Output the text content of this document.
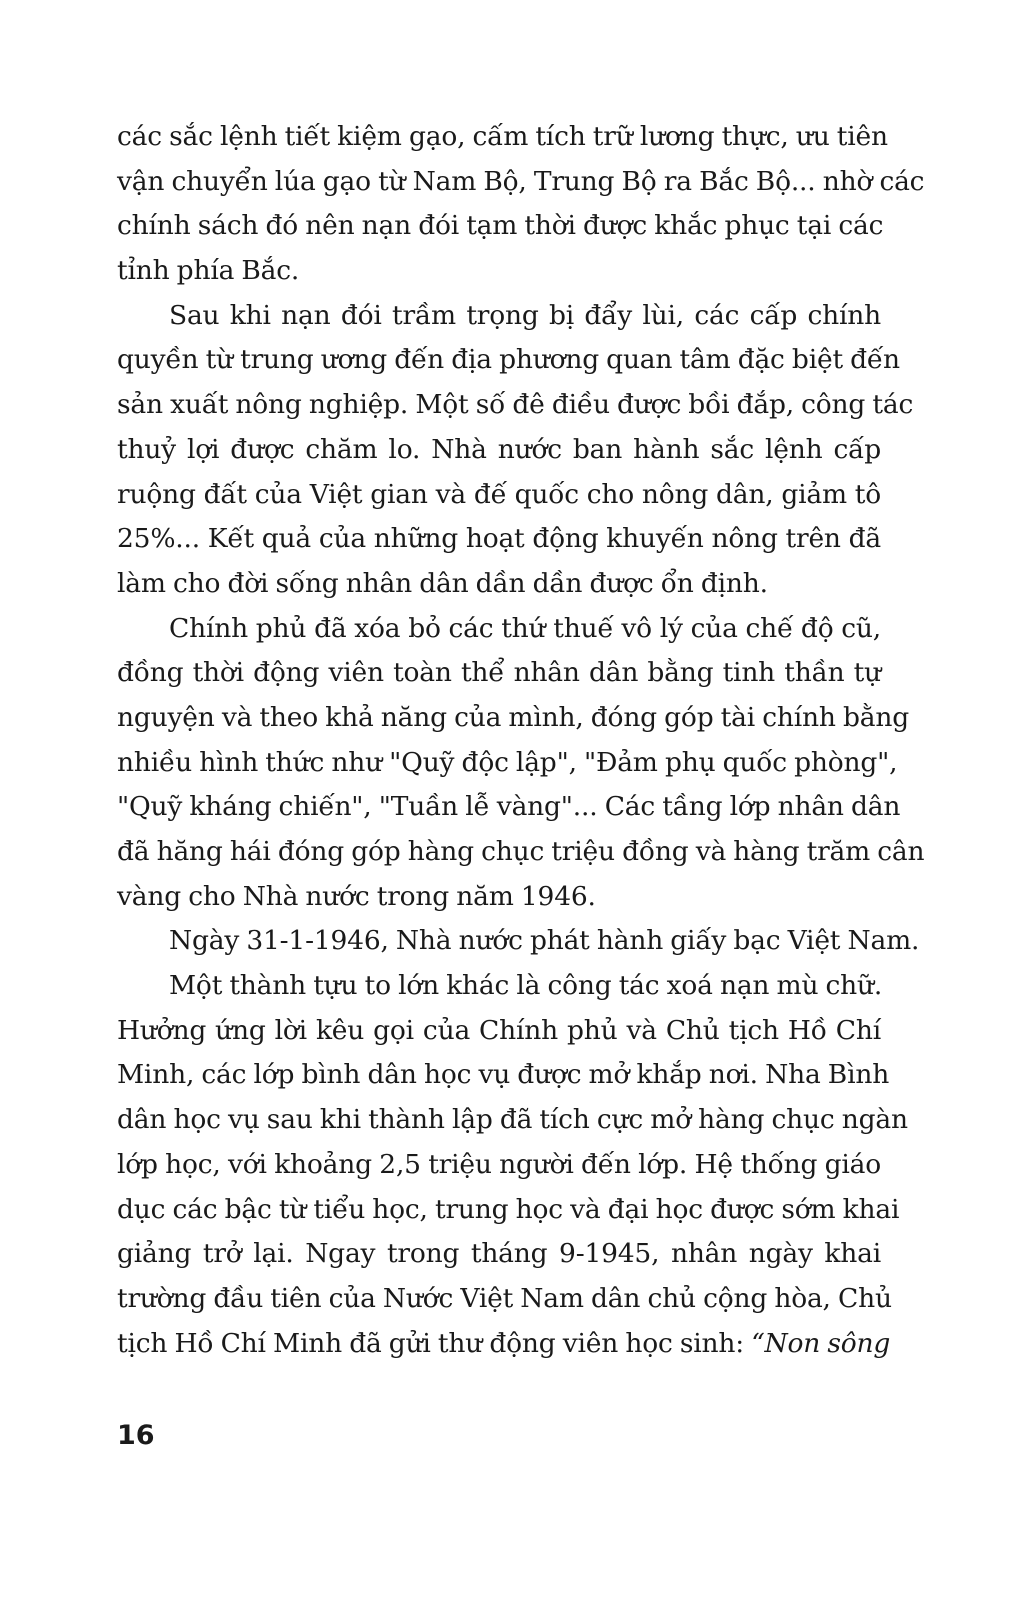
các sắc lệnh tiết kiệm gạo, cấm tích trữ lương thực, ưu tiên
vận chuyển lúa gạo từ Nam Bộ, Trung Bộ ra Bắc Bộ... nhờ các
chính sách đó nên nạn đói tạm thời được khắc phục tại các
tỉnh phía Bắc.
Sau khi nạn đói trầm trọng bị đẩy lùi, các cấp chính
quyền từ trung ương đến địa phương quan tâm đặc biệt đến
sản xuất nông nghiệp. Một số đê điều được bồi đắp, công tác
thuỷ lợi được chăm lo. Nhà nước ban hành sắc lệnh cấp
ruộng đất của Việt gian và đế quốc cho nông dân, giảm tô
25%... Kết quả của những hoạt động khuyến nông trên đã
làm cho đời sống nhân dân dần dần được ổn định.
Chính phủ đã xóa bỏ các thứ thuế vô lý của chế độ cũ,
đồng thời động viên toàn thể nhân dân bằng tinh thần tự
nguyện và theo khả năng của mình, đóng góp tài chính bằng
nhiều hình thức như "Quỹ độc lập", "Đảm phụ quốc phòng",
"Quỹ kháng chiến", "Tuần lễ vàng"... Các tầng lớp nhân dân
đã hăng hái đóng góp hàng chục triệu đồng và hàng trăm cân
vàng cho Nhà nước trong năm 1946.
Ngày 31-1-1946, Nhà nước phát hành giấy bạc Việt Nam.
Một thành tựu to lớn khác là công tác xoá nạn mù chữ.
Hưởng ứng lời kêu gọi của Chính phủ và Chủ tịch Hồ Chí
Minh, các lớp bình dân học vụ được mở khắp nơi. Nha Bình
dân học vụ sau khi thành lập đã tích cực mở hàng chục ngàn
lớp học, với khoảng 2,5 triệu người đến lớp. Hệ thống giáo
dục các bậc từ tiểu học, trung học và đại học được sớm khai
giảng trở lại. Ngay trong tháng 9-1945, nhân ngày khai
trường đầu tiên của Nước Việt Nam dân chủ cộng hòa, Chủ
tịch Hồ Chí Minh đã gửi thư động viên học sinh: “Non sông
16
